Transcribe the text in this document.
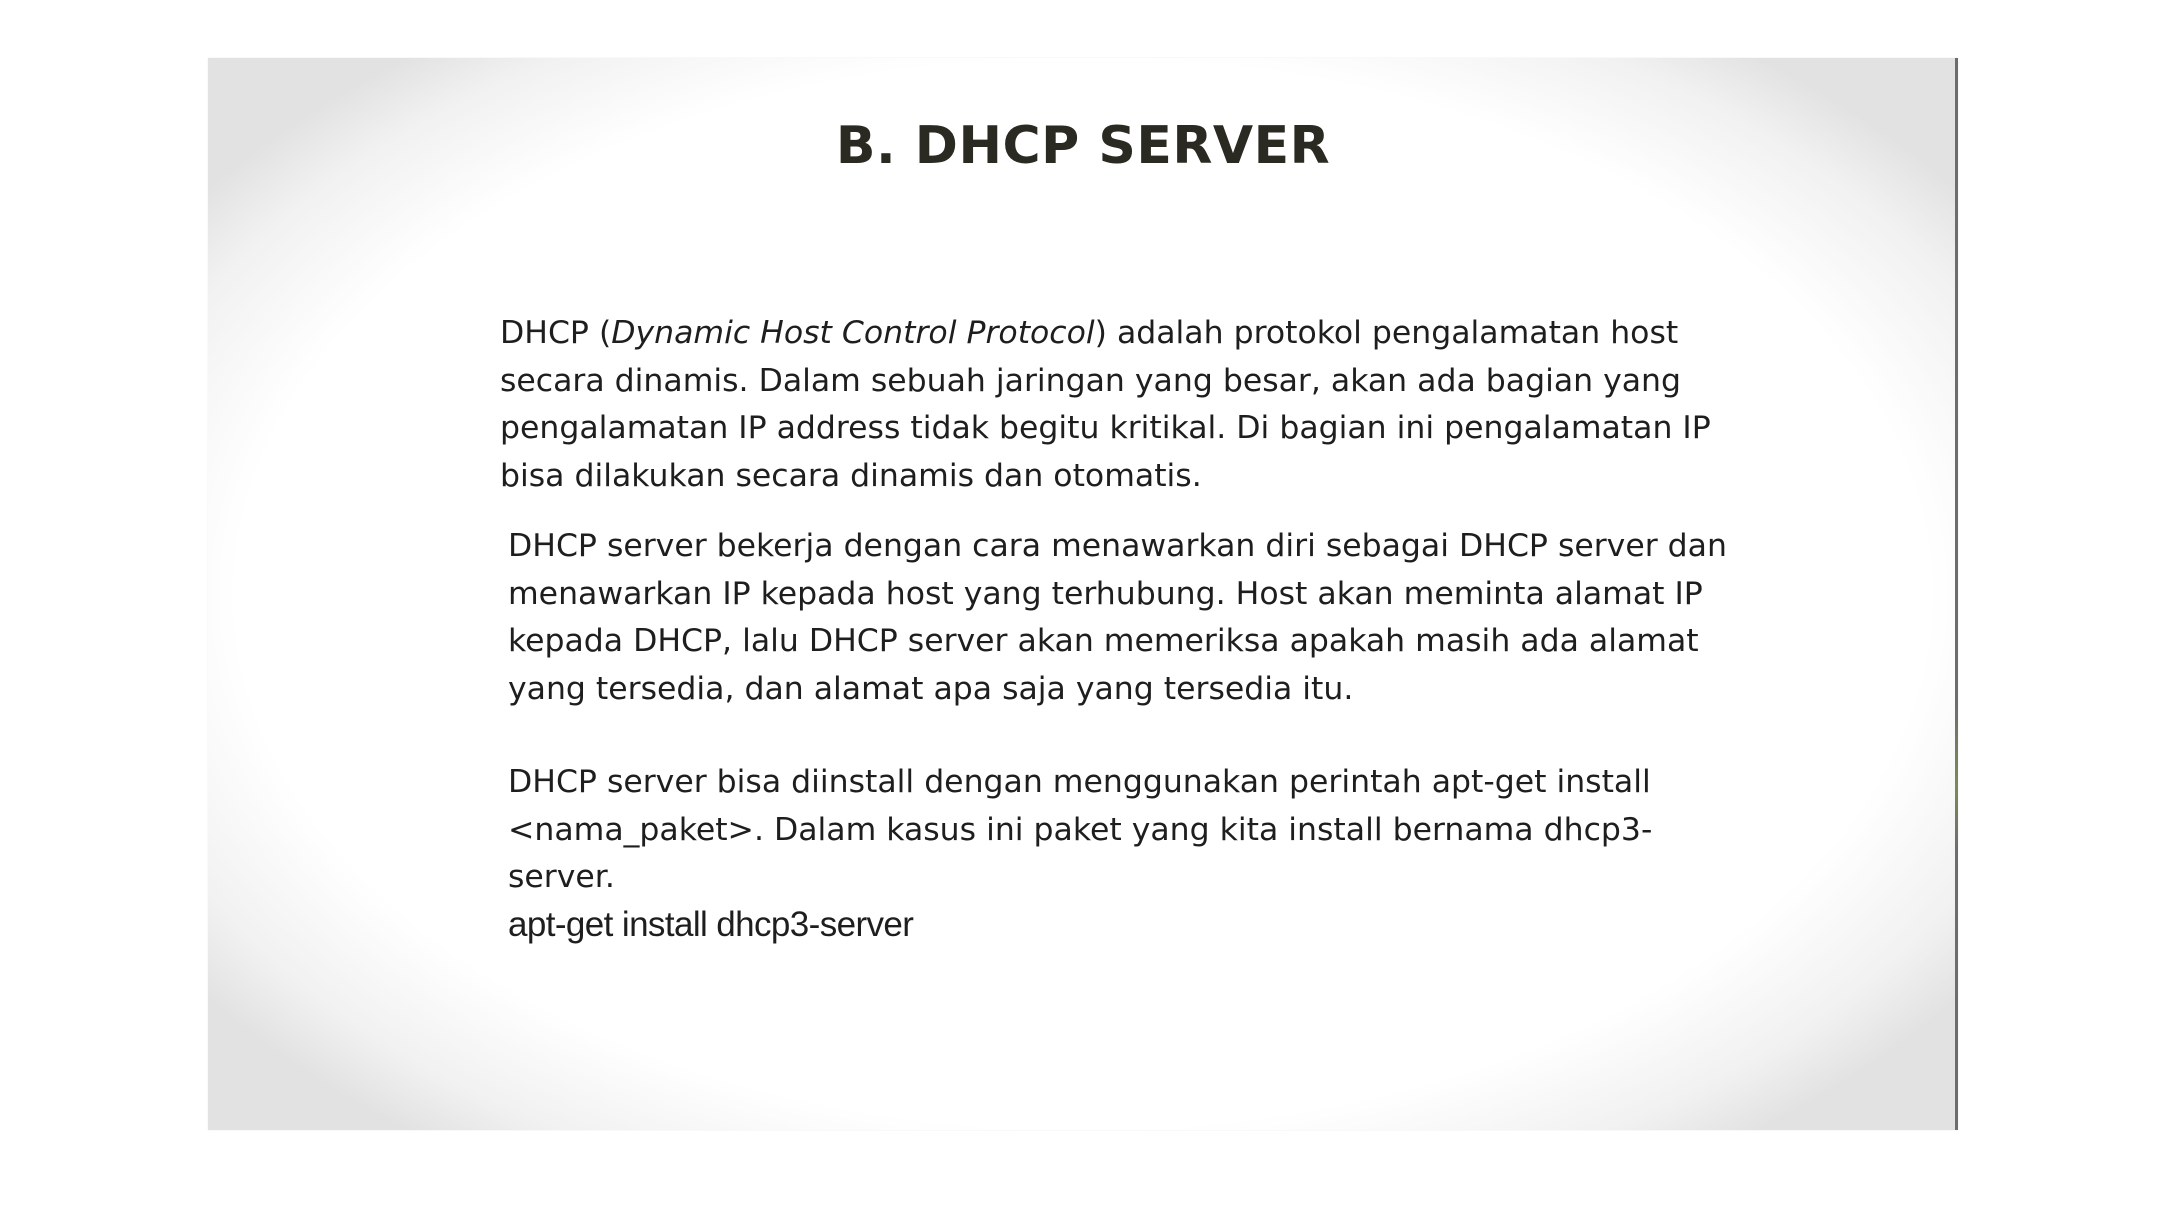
B. DHCP SERVER

DHCP (Dynamic Host Control Protocol) adalah protokol pengalamatan host
secara dinamis. Dalam sebuah jaringan yang besar, akan ada bagian yang
pengalamatan IP address tidak begitu kritikal. Di bagian ini pengalamatan IP
bisa dilakukan secara dinamis dan otomatis.

DHCP server bekerja dengan cara menawarkan diri sebagai DHCP server dan
menawarkan IP kepada host yang terhubung. Host akan meminta alamat IP
kepada DHCP, lalu DHCP server akan memeriksa apakah masih ada alamat
yang tersedia, dan alamat apa saja yang tersedia itu.

DHCP server bisa diinstall dengan menggunakan perintah apt-get install
<nama_paket>. Dalam kasus ini paket yang kita install bernama dhcp3-
server.

apt-get install dhcp3-server
